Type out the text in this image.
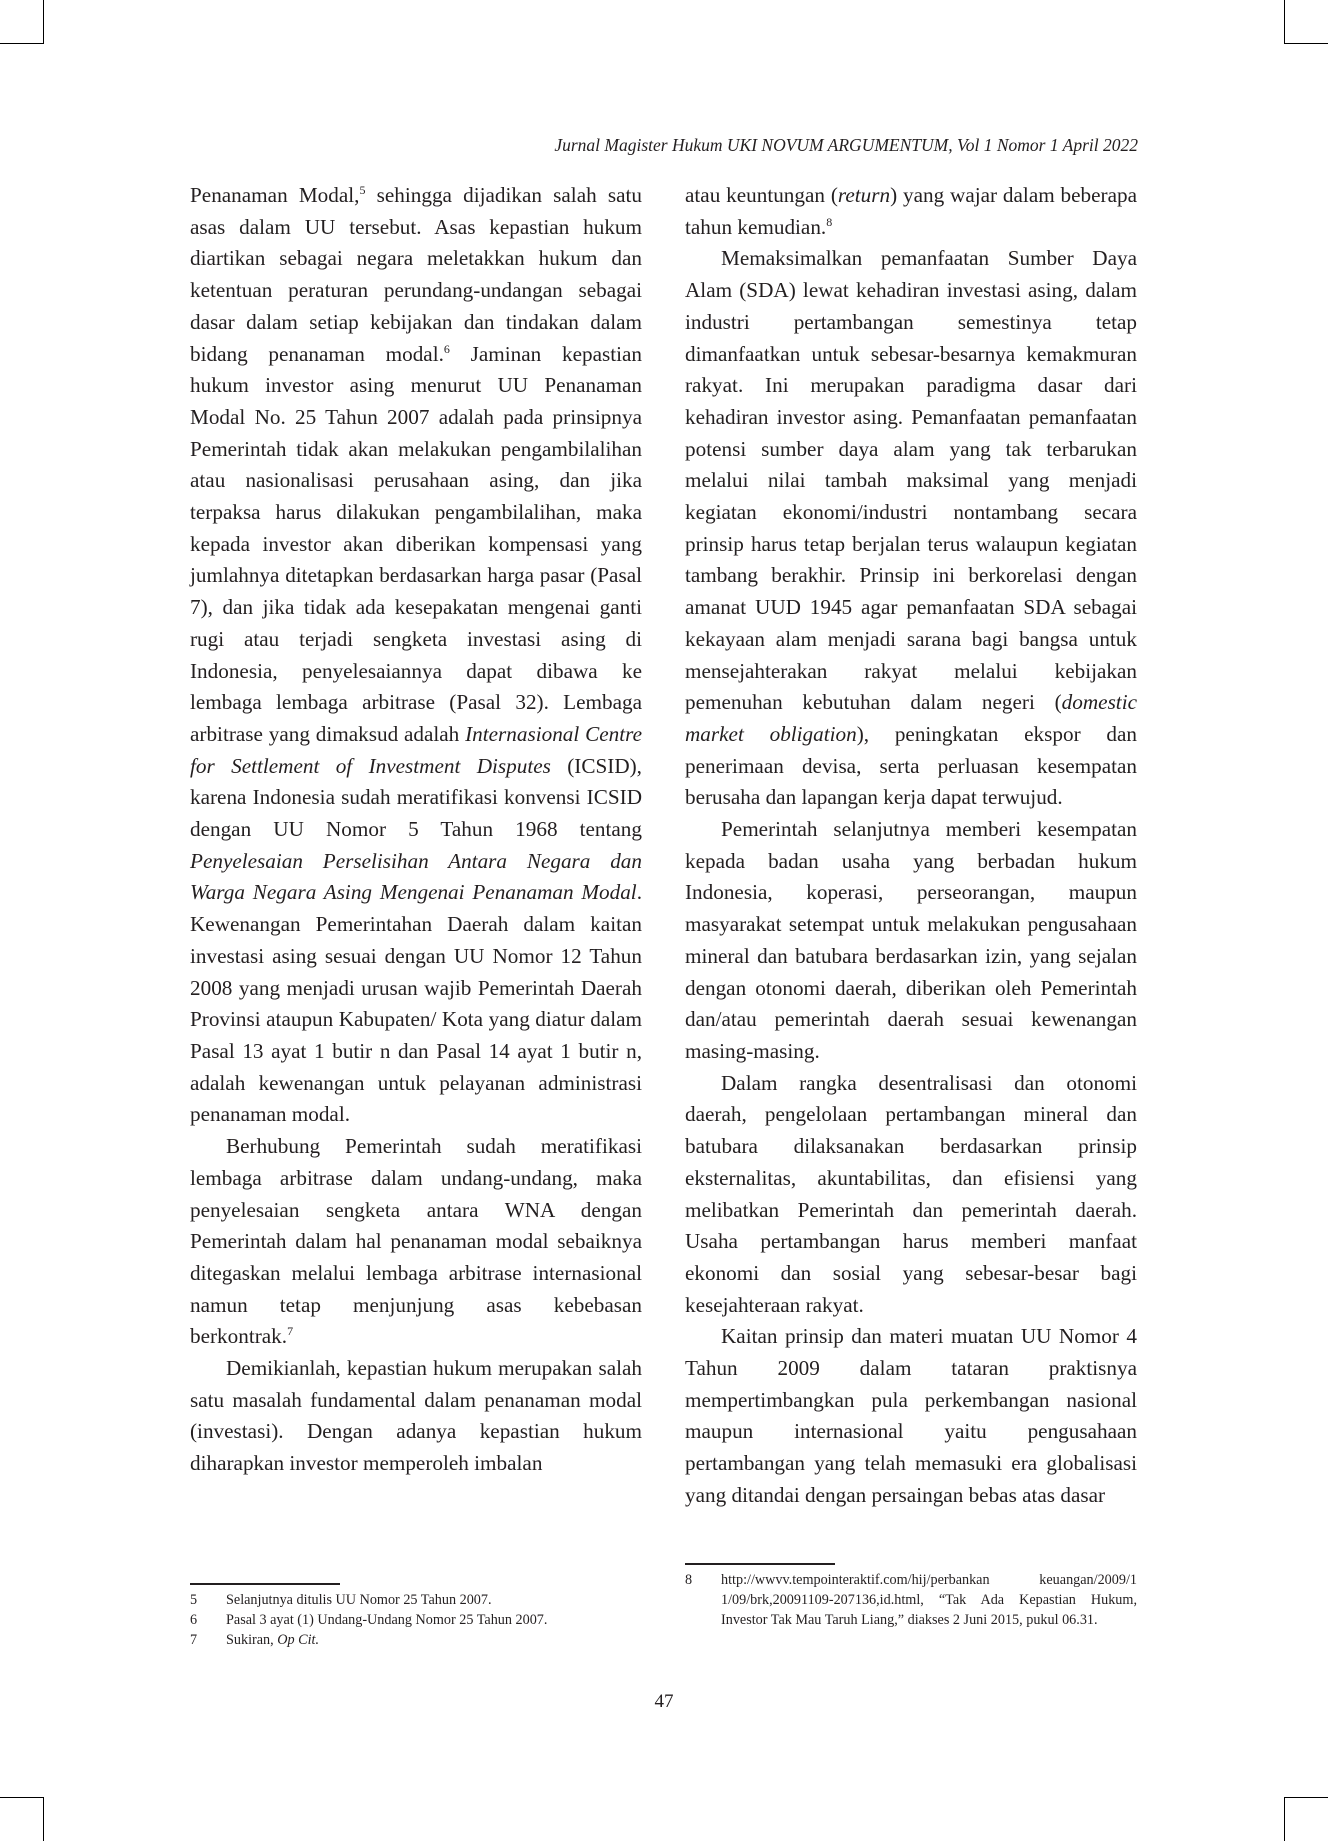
Jurnal Magister Hukum UKI NOVUM ARGUMENTUM, Vol 1 Nomor 1 April 2022

Penanaman Modal,$^5$ sehingga dijadikan salah satu asas dalam UU tersebut. Asas kepastian hukum diartikan sebagai negara meletakkan hukum dan ketentuan peraturan perundang-undangan sebagai dasar dalam setiap kebijakan dan tindakan dalam bidang penanaman modal.$^6$ Jaminan kepastian hukum investor asing menurut UU Penanaman Modal No. 25 Tahun 2007 adalah pada prinsipnya Pemerintah tidak akan melakukan pengambilalihan atau nasionalisasi perusahaan asing, dan jika terpaksa harus dilakukan pengambilalihan, maka kepada investor akan diberikan kompensasi yang jumlahnya ditetapkan berdasarkan harga pasar (Pasal 7), dan jika tidak ada kesepakatan mengenai ganti rugi atau terjadi sengketa investasi asing di Indonesia, penyelesaiannya dapat dibawa ke lembaga lembaga arbitrase (Pasal 32). Lembaga arbitrase yang dimaksud adalah Internasional Centre for Settlement of Investment Disputes (ICSID), karena Indonesia sudah meratifikasi konvensi ICSID dengan UU Nomor 5 Tahun 1968 tentang Penyelesaian Perselisihan Antara Negara dan Warga Negara Asing Mengenai Penanaman Modal. Kewenangan Pemerintahan Daerah dalam kaitan investasi asing sesuai dengan UU Nomor 12 Tahun 2008 yang menjadi urusan wajib Pemerintah Daerah Provinsi ataupun Kabupaten/ Kota yang diatur dalam Pasal 13 ayat 1 butir n dan Pasal 14 ayat 1 butir n, adalah kewenangan untuk pelayanan administrasi penanaman modal.

Berhubung Pemerintah sudah meratifikasi lembaga arbitrase dalam undang-undang, maka penyelesaian sengketa antara WNA dengan Pemerintah dalam hal penanaman modal sebaiknya ditegaskan melalui lembaga arbitrase internasional namun tetap menjunjung asas kebebasan berkontrak.$^7$

Demikianlah, kepastian hukum merupakan salah satu masalah fundamental dalam penanaman modal (investasi). Dengan adanya kepastian hukum diharapkan investor memperoleh imbalan

atau keuntungan (return) yang wajar dalam beberapa tahun kemudian.$^8$

Memaksimalkan pemanfaatan Sumber Daya Alam (SDA) lewat kehadiran investasi asing, dalam industri pertambangan semestinya tetap dimanfaatkan untuk sebesar-besarnya kemakmuran rakyat. Ini merupakan paradigma dasar dari kehadiran investor asing. Pemanfaatan pemanfaatan potensi sumber daya alam yang tak terbarukan melalui nilai tambah maksimal yang menjadi kegiatan ekonomi/industri nontambang secara prinsip harus tetap berjalan terus walaupun kegiatan tambang berakhir. Prinsip ini berkorelasi dengan amanat UUD 1945 agar pemanfaatan SDA sebagai kekayaan alam menjadi sarana bagi bangsa untuk mensejahterakan rakyat melalui kebijakan pemenuhan kebutuhan dalam negeri (domestic market obligation), peningkatan ekspor dan penerimaan devisa, serta perluasan kesempatan berusaha dan lapangan kerja dapat terwujud.

Pemerintah selanjutnya memberi kesempatan kepada badan usaha yang berbadan hukum Indonesia, koperasi, perseorangan, maupun masyarakat setempat untuk melakukan pengusahaan mineral dan batubara berdasarkan izin, yang sejalan dengan otonomi daerah, diberikan oleh Pemerintah dan/atau pemerintah daerah sesuai kewenangan masing-masing.

Dalam rangka desentralisasi dan otonomi daerah, pengelolaan pertambangan mineral dan batubara dilaksanakan berdasarkan prinsip eksternalitas, akuntabilitas, dan efisiensi yang melibatkan Pemerintah dan pemerintah daerah. Usaha pertambangan harus memberi manfaat ekonomi dan sosial yang sebesar-besar bagi kesejahteraan rakyat.

Kaitan prinsip dan materi muatan UU Nomor 4 Tahun 2009 dalam tataran praktisnya mempertimbangkan pula perkembangan nasional maupun internasional yaitu pengusahaan pertambangan yang telah memasuki era globalisasi yang ditandai dengan persaingan bebas atas dasar

5	Selanjutnya ditulis UU Nomor 25 Tahun 2007.
6	Pasal 3 ayat (1) Undang-Undang Nomor 25 Tahun 2007.
7	Sukiran, Op Cit.
8	http://wwvv.tempointeraktif.com/hij/perbankan keuangan/2009/1 1/09/brk,20091109-207136,id.html, “Tak Ada Kepastian Hukum, Investor Tak Mau Taruh Liang,” diakses 2 Juni 2015, pukul 06.31.
47
